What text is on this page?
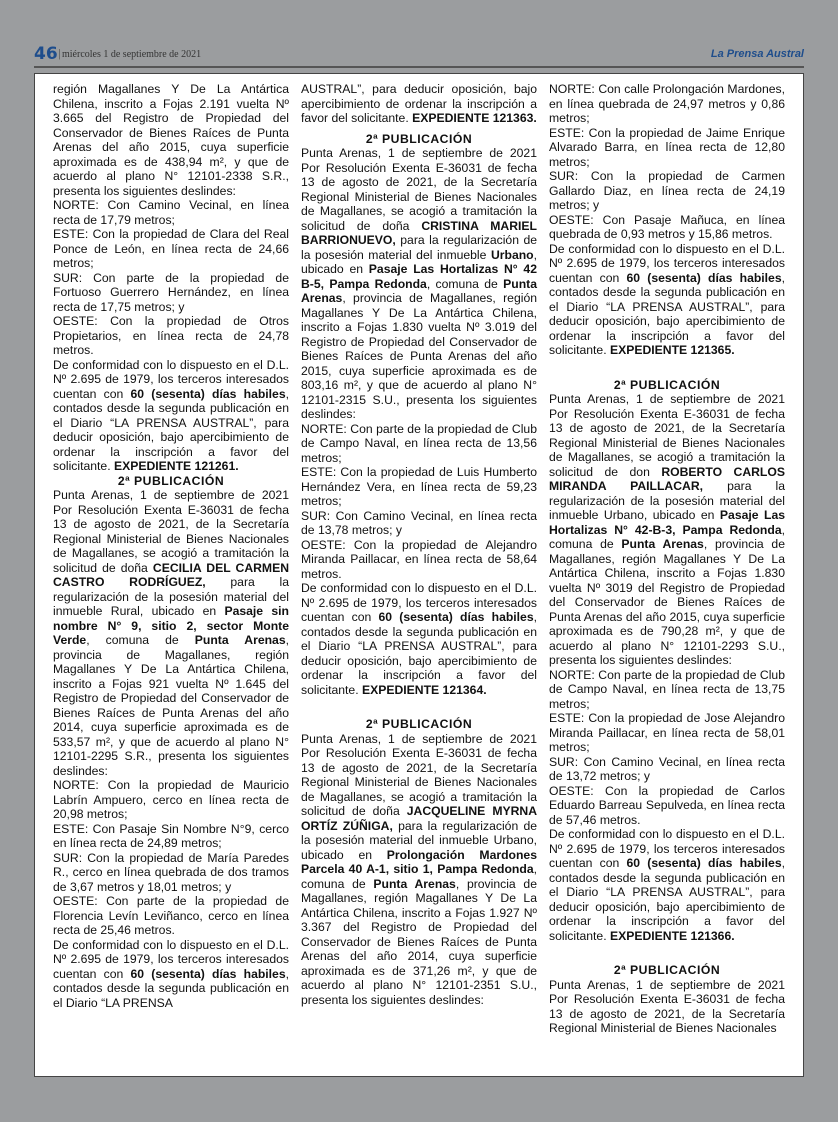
46 | miércoles 1 de septiembre de 2021	La Prensa Austral

región Magallanes Y De La Antártica Chilena, inscrito a Fojas 2.191 vuelta Nº 3.665 del Registro de Propiedad del Conservador de Bienes Raíces de Punta Arenas del año 2015, cuya superficie aproximada es de 438,94 m², y que de acuerdo al plano N° 12101-2338 S.R., presenta los siguientes deslindes:

NORTE: Con Camino Vecinal, en línea recta de 17,79 metros;

ESTE: Con la propiedad de Clara del Real Ponce de León, en línea recta de 24,66 metros;

SUR: Con parte de la propiedad de Fortuoso Guerrero Hernández, en línea recta de 17,75 metros; y

OESTE: Con la propiedad de Otros Propietarios, en línea recta de 24,78 metros.

De conformidad con lo dispuesto en el D.L. Nº 2.695 de 1979, los terceros interesados cuentan con 60 (sesenta) días habiles, contados desde la segunda publicación en el Diario “LA PRENSA AUSTRAL”, para deducir oposición, bajo apercibimiento de ordenar la inscripción a favor del solicitante. EXPEDIENTE 121261.

2ª PUBLICACIÓN

Punta Arenas, 1 de septiembre de 2021 Por Resolución Exenta E-36031 de fecha 13 de agosto de 2021, de la Secretaría Regional Ministerial de Bienes Nacionales de Magallanes, se acogió a tramitación la solicitud de doña CECILIA DEL CARMEN CASTRO RODRÍGUEZ, para la regularización de la posesión material del inmueble Rural, ubicado en Pasaje sin nombre N° 9, sitio 2, sector Monte Verde, comuna de Punta Arenas, provincia de Magallanes, región Magallanes Y De La Antártica Chilena, inscrito a Fojas 921 vuelta Nº 1.645 del Registro de Propiedad del Conservador de Bienes Raíces de Punta Arenas del año 2014, cuya superficie aproximada es de 533,57 m², y que de acuerdo al plano N° 12101-2295 S.R., presenta los siguientes deslindes:

NORTE: Con la propiedad de Mauricio Labrín Ampuero, cerco en línea recta de 20,98 metros;

ESTE: Con Pasaje Sin Nombre N°9, cerco en línea recta de 24,89 metros;

SUR: Con la propiedad de María Paredes R., cerco en línea quebrada de dos tramos de 3,67 metros y 18,01 metros; y

OESTE: Con parte de la propiedad de Florencia Levín Leviñanco, cerco en línea recta de 25,46 metros.

De conformidad con lo dispuesto en el D.L. Nº 2.695 de 1979, los terceros interesados cuentan con 60 (sesenta) días habiles, contados desde la segunda publicación en el Diario “LA PRENSA

AUSTRAL”, para deducir oposición, bajo apercibimiento de ordenar la inscripción a favor del solicitante. EXPEDIENTE 121363.

2ª PUBLICACIÓN

Punta Arenas, 1 de septiembre de 2021 Por Resolución Exenta E-36031 de fecha 13 de agosto de 2021, de la Secretaría Regional Ministerial de Bienes Nacionales de Magallanes, se acogió a tramitación la solicitud de doña CRISTINA MARIEL BARRIONUEVO, para la regularización de la posesión material del inmueble Urbano, ubicado en Pasaje Las Hortalizas N° 42 B-5, Pampa Redonda, comuna de Punta Arenas, provincia de Magallanes, región Magallanes Y De La Antártica Chilena, inscrito a Fojas 1.830 vuelta Nº 3.019 del Registro de Propiedad del Conservador de Bienes Raíces de Punta Arenas del año 2015, cuya superficie aproximada es de 803,16 m², y que de acuerdo al plano N° 12101-2315 S.U., presenta los siguientes deslindes:

NORTE: Con parte de la propiedad de Club de Campo Naval, en línea recta de 13,56 metros;

ESTE: Con la propiedad de Luis Humberto Hernández Vera, en línea recta de 59,23 metros;

SUR: Con Camino Vecinal, en línea recta de 13,78 metros; y

OESTE: Con la propiedad de Alejandro Miranda Paillacar, en línea recta de 58,64 metros.

De conformidad con lo dispuesto en el D.L. Nº 2.695 de 1979, los terceros interesados cuentan con 60 (sesenta) días habiles, contados desde la segunda publicación en el Diario “LA PRENSA AUSTRAL”, para deducir oposición, bajo apercibimiento de ordenar la inscripción a favor del solicitante. EXPEDIENTE 121364.

2ª PUBLICACIÓN

Punta Arenas, 1 de septiembre de 2021 Por Resolución Exenta E-36031 de fecha 13 de agosto de 2021, de la Secretaría Regional Ministerial de Bienes Nacionales de Magallanes, se acogió a tramitación la solicitud de doña JACQUELINE MYRNA ORTÍZ ZÚÑIGA, para la regularización de la posesión material del inmueble Urbano, ubicado en Prolongación Mardones Parcela 40 A-1, sitio 1, Pampa Redonda, comuna de Punta Arenas, provincia de Magallanes, región Magallanes Y De La Antártica Chilena, inscrito a Fojas 1.927 Nº 3.367 del Registro de Propiedad del Conservador de Bienes Raíces de Punta Arenas del año 2014, cuya superficie aproximada es de 371,26 m², y que de acuerdo al plano N° 12101-2351 S.U., presenta los siguientes deslindes:

NORTE: Con calle Prolongación Mardones, en línea quebrada de 24,97 metros y 0,86 metros;

ESTE: Con la propiedad de Jaime Enrique Alvarado Barra, en línea recta de 12,80 metros;

SUR: Con la propiedad de Carmen Gallardo Diaz, en línea recta de 24,19 metros; y

OESTE: Con Pasaje Mañuca, en línea quebrada de 0,93 metros y 15,86 metros.

De conformidad con lo dispuesto en el D.L. Nº 2.695 de 1979, los terceros interesados cuentan con 60 (sesenta) días habiles, contados desde la segunda publicación en el Diario “LA PRENSA AUSTRAL”, para deducir oposición, bajo apercibimiento de ordenar la inscripción a favor del solicitante. EXPEDIENTE 121365.

2ª PUBLICACIÓN

Punta Arenas, 1 de septiembre de 2021 Por Resolución Exenta E-36031 de fecha 13 de agosto de 2021, de la Secretaría Regional Ministerial de Bienes Nacionales de Magallanes, se acogió a tramitación la solicitud de don ROBERTO CARLOS MIRANDA PAILLACAR, para la regularización de la posesión material del inmueble Urbano, ubicado en Pasaje Las Hortalizas N° 42-B-3, Pampa Redonda, comuna de Punta Arenas, provincia de Magallanes, región Magallanes Y De La Antártica Chilena, inscrito a Fojas 1.830 vuelta Nº 3019 del Registro de Propiedad del Conservador de Bienes Raíces de Punta Arenas del año 2015, cuya superficie aproximada es de 790,28 m², y que de acuerdo al plano N° 12101-2293 S.U., presenta los siguientes deslindes:

NORTE: Con parte de la propiedad de Club de Campo Naval, en línea recta de 13,75 metros;

ESTE: Con la propiedad de Jose Alejandro Miranda Paillacar, en línea recta de 58,01 metros;

SUR: Con Camino Vecinal, en línea recta de 13,72 metros; y

OESTE: Con la propiedad de Carlos Eduardo Barreau Sepulveda, en línea recta de 57,46 metros.

De conformidad con lo dispuesto en el D.L. Nº 2.695 de 1979, los terceros interesados cuentan con 60 (sesenta) días habiles, contados desde la segunda publicación en el Diario “LA PRENSA AUSTRAL”, para deducir oposición, bajo apercibimiento de ordenar la inscripción a favor del solicitante. EXPEDIENTE 121366.

2ª PUBLICACIÓN

Punta Arenas, 1 de septiembre de 2021 Por Resolución Exenta E-36031 de fecha 13 de agosto de 2021, de la Secretaría Regional Ministerial de Bienes Nacionales
